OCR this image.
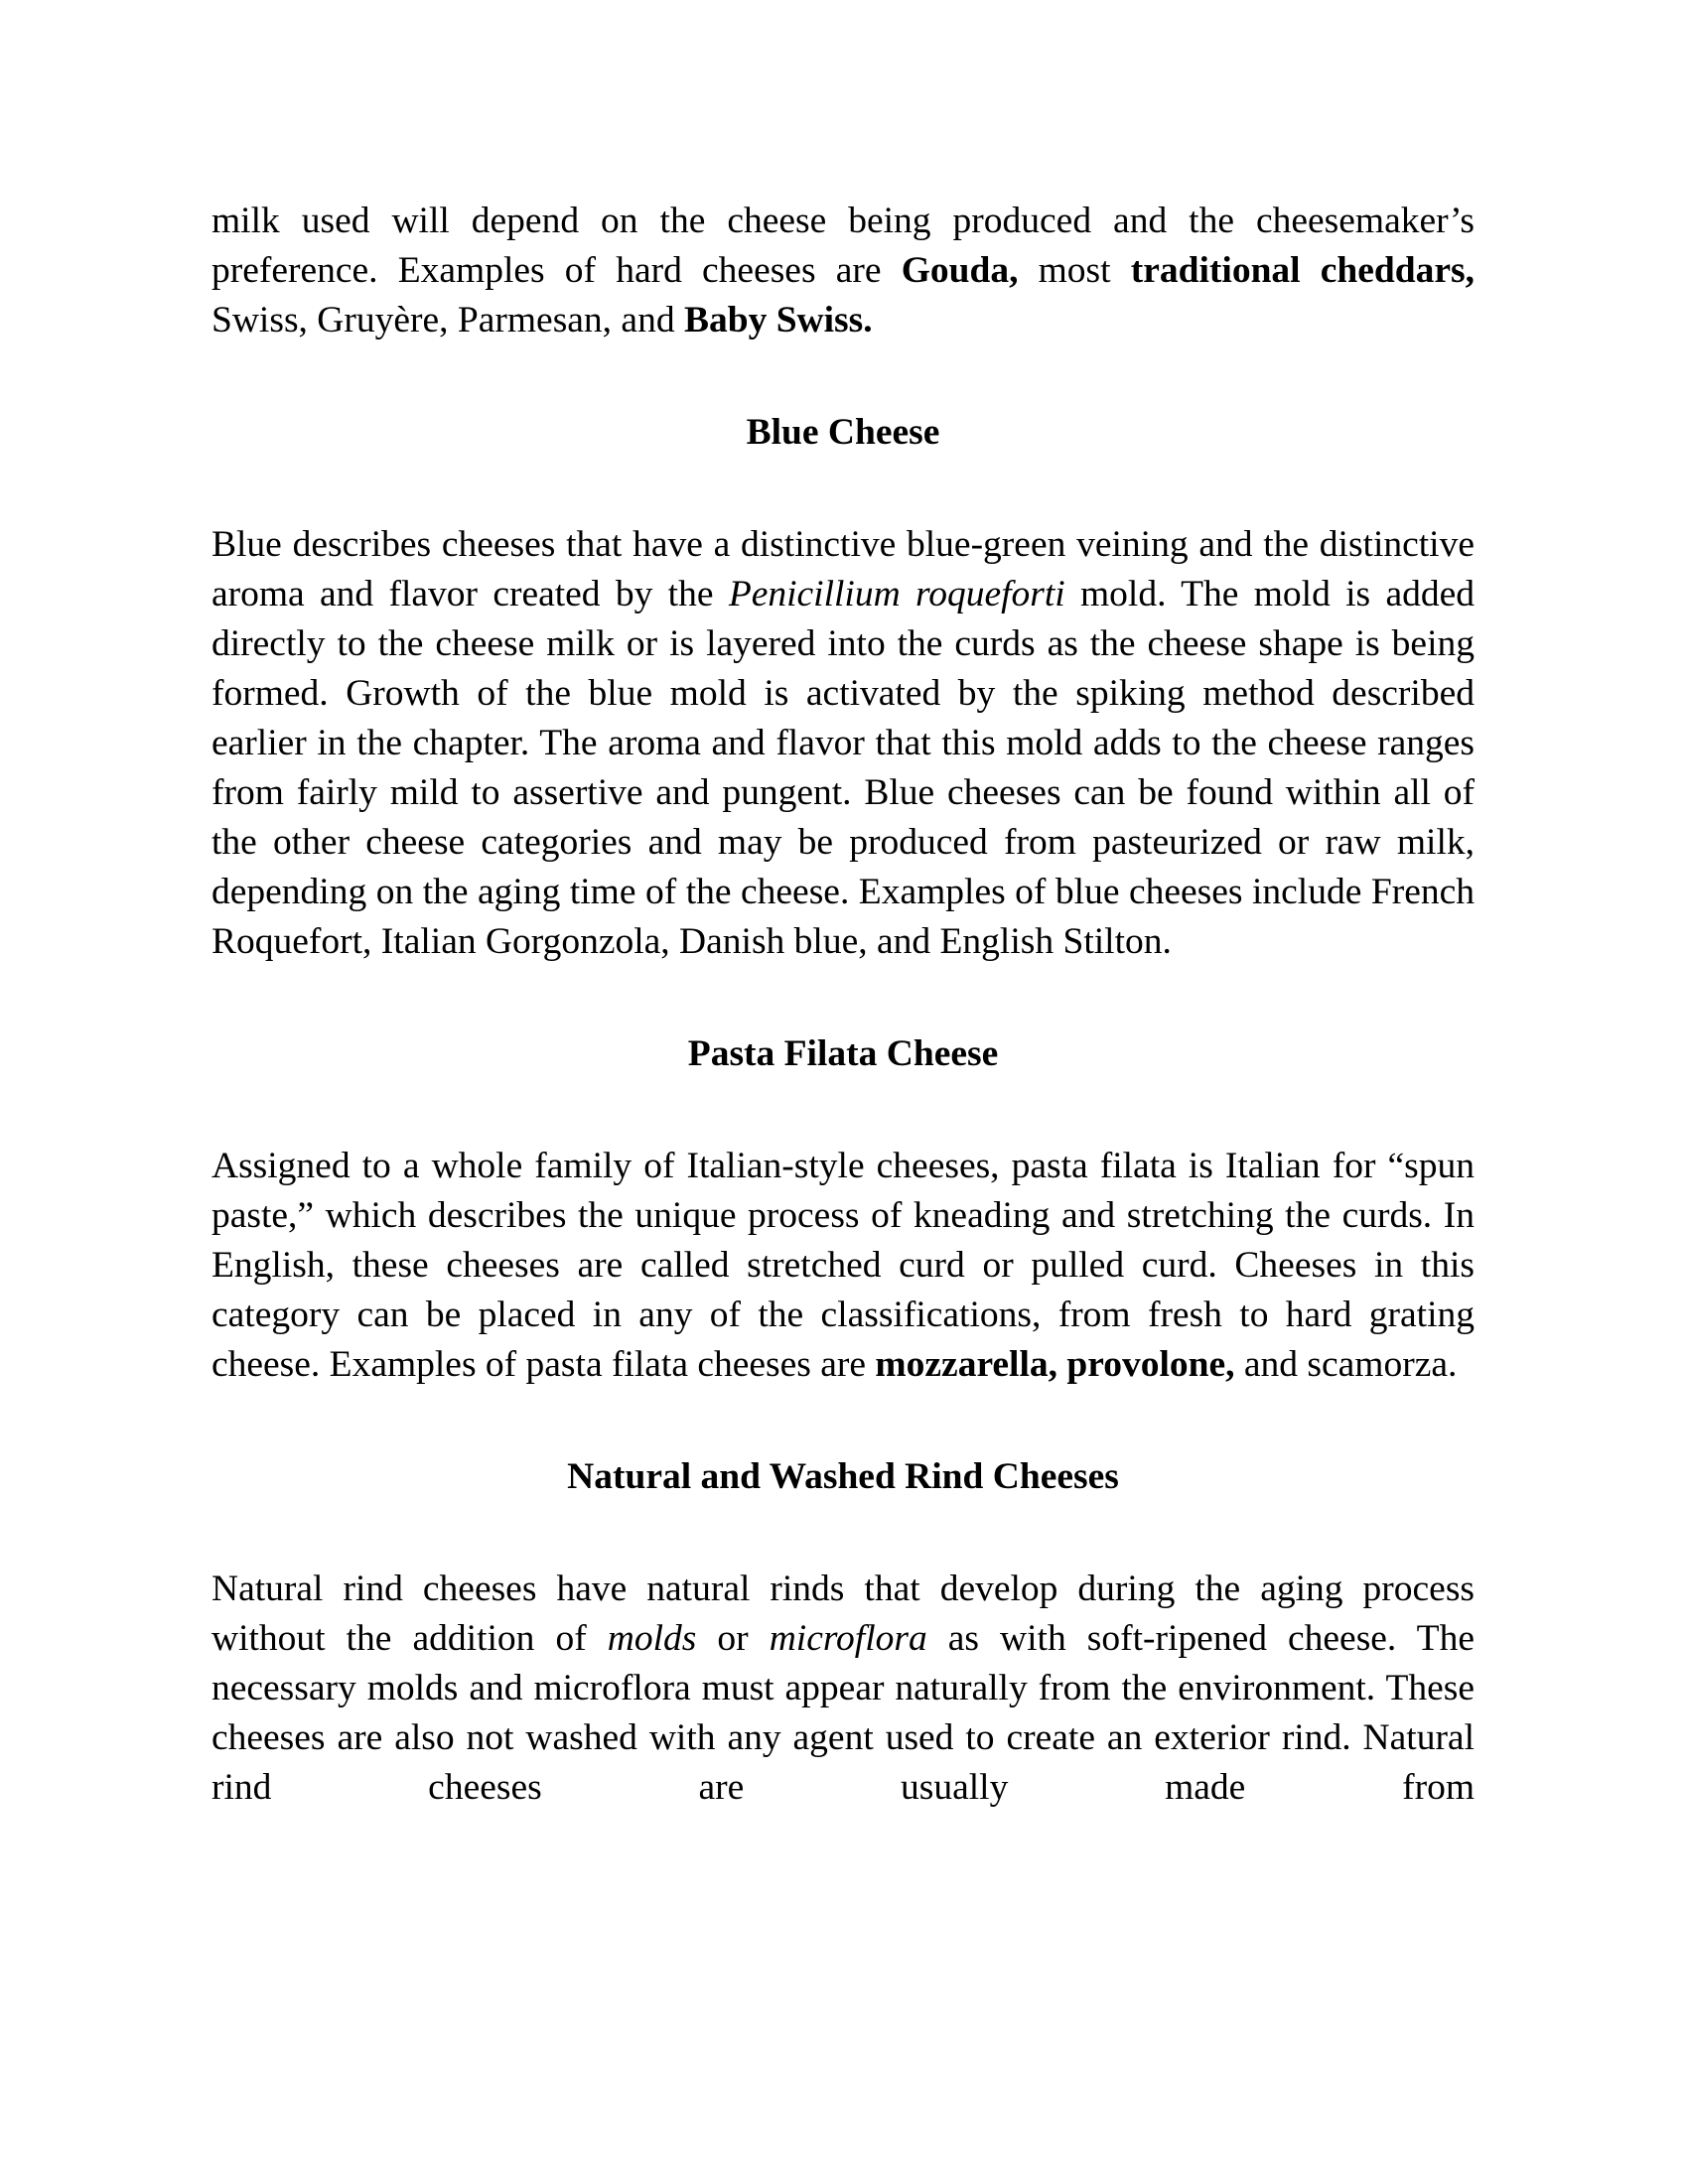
milk used will depend on the cheese being produced and the cheesemaker’s preference. Examples of hard cheeses are Gouda, most traditional cheddars, Swiss, Gruyère, Parmesan, and Baby Swiss.

Blue Cheese

Blue describes cheeses that have a distinctive blue-green veining and the distinctive aroma and flavor created by the Penicillium roqueforti mold. The mold is added directly to the cheese milk or is layered into the curds as the cheese shape is being formed. Growth of the blue mold is activated by the spiking method described earlier in the chapter. The aroma and flavor that this mold adds to the cheese ranges from fairly mild to assertive and pungent. Blue cheeses can be found within all of the other cheese categories and may be produced from pasteurized or raw milk, depending on the aging time of the cheese. Examples of blue cheeses include French Roquefort, Italian Gorgonzola, Danish blue, and English Stilton.

Pasta Filata Cheese

Assigned to a whole family of Italian-style cheeses, pasta filata is Italian for “spun paste,” which describes the unique process of kneading and stretching the curds. In English, these cheeses are called stretched curd or pulled curd. Cheeses in this category can be placed in any of the classifications, from fresh to hard grating cheese. Examples of pasta filata cheeses are mozzarella, provolone, and scamorza.

Natural and Washed Rind Cheeses

Natural rind cheeses have natural rinds that develop during the aging process without the addition of molds or microflora as with soft-ripened cheese. The necessary molds and microflora must appear naturally from the environment. These cheeses are also not washed with any agent used to create an exterior rind. Natural rind cheeses are usually made from
